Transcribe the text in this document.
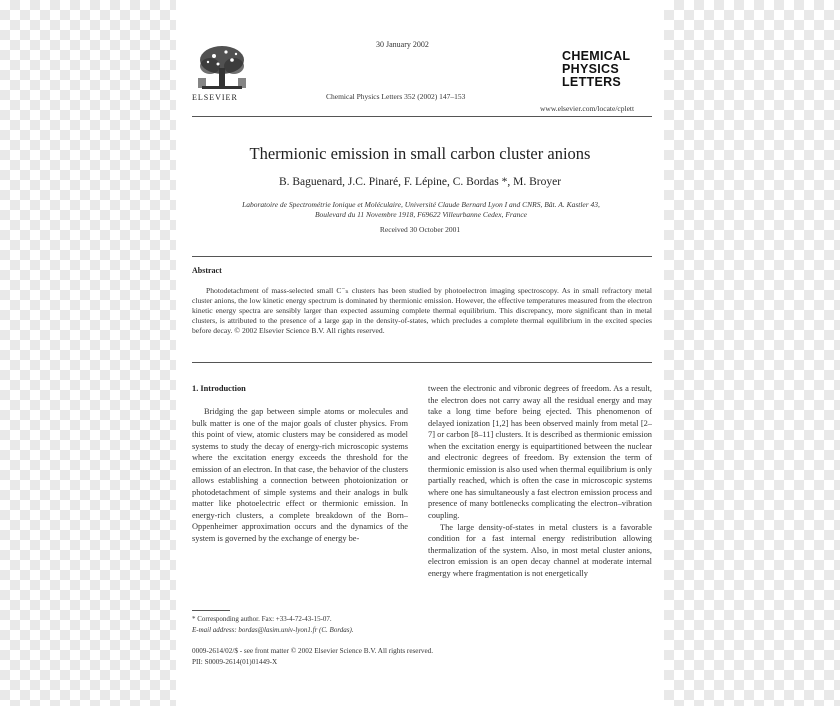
ELSEVIER
30 January 2002
Chemical Physics Letters 352 (2002) 147–153
CHEMICAL
PHYSICS
LETTERS
www.elsevier.com/locate/cplett
Thermionic emission in small carbon cluster anions
B. Baguenard, J.C. Pinaré, F. Lépine, C. Bordas *, M. Broyer
Laboratoire de Spectrométrie Ionique et Moléculaire, Université Claude Bernard Lyon I and CNRS, Bât. A. Kastler 43,
Boulevard du 11 Novembre 1918, F69622 Villeurbanne Cedex, France
Received 30 October 2001
Abstract
Photodetachment of mass-selected small C⁻ₙ clusters has been studied by photoelectron imaging spectroscopy. As in small refractory metal cluster anions, the low kinetic energy spectrum is dominated by thermionic emission. However, the effective temperatures measured from the electron kinetic energy spectra are sensibly larger than expected assuming complete thermal equilibrium. This discrepancy, more significant than in metal clusters, is attributed to the presence of a large gap in the density-of-states, which precludes a complete thermal equilibrium in the excited species before decay. © 2002 Elsevier Science B.V. All rights reserved.
1. Introduction

Bridging the gap between simple atoms or molecules and bulk matter is one of the major goals of cluster physics. From this point of view, atomic clusters may be considered as model systems to study the decay of energy-rich microscopic systems where the excitation energy exceeds the threshold for the emission of an electron. In that case, the behavior of the clusters allows establishing a connection between photoionization or photodetachment of simple systems and their analogs in bulk matter like photoelectric effect or thermionic emission. In energy-rich clusters, a complete breakdown of the Born–Oppenheimer approximation occurs and the dynamics of the system is governed by the exchange of energy be-

tween the electronic and vibronic degrees of freedom. As a result, the electron does not carry away all the residual energy and may take a long time before being ejected. This phenomenon of delayed ionization [1,2] has been observed mainly from metal [2–7] or carbon [8–11] clusters. It is described as thermionic emission when the excitation energy is equipartitioned between the nuclear and electronic degrees of freedom. By extension the term of thermionic emission is also used when thermal equilibrium is only partially reached, which is often the case in microscopic systems where one has simultaneously a fast electron emission process and presence of many bottlenecks complicating the electron–vibration coupling.

The large density-of-states in metal clusters is a favorable condition for a fast internal energy redistribution allowing thermalization of the system. Also, in most metal cluster anions, electron emission is an open decay channel at moderate internal energy where fragmentation is not energetically

* Corresponding author. Fax: +33-4-72-43-15-07.
E-mail address: bordas@lasim.univ-lyon1.fr (C. Bordas).
0009-2614/02/$ - see front matter © 2002 Elsevier Science B.V. All rights reserved.
PII: S0009-2614(01)01449-X
